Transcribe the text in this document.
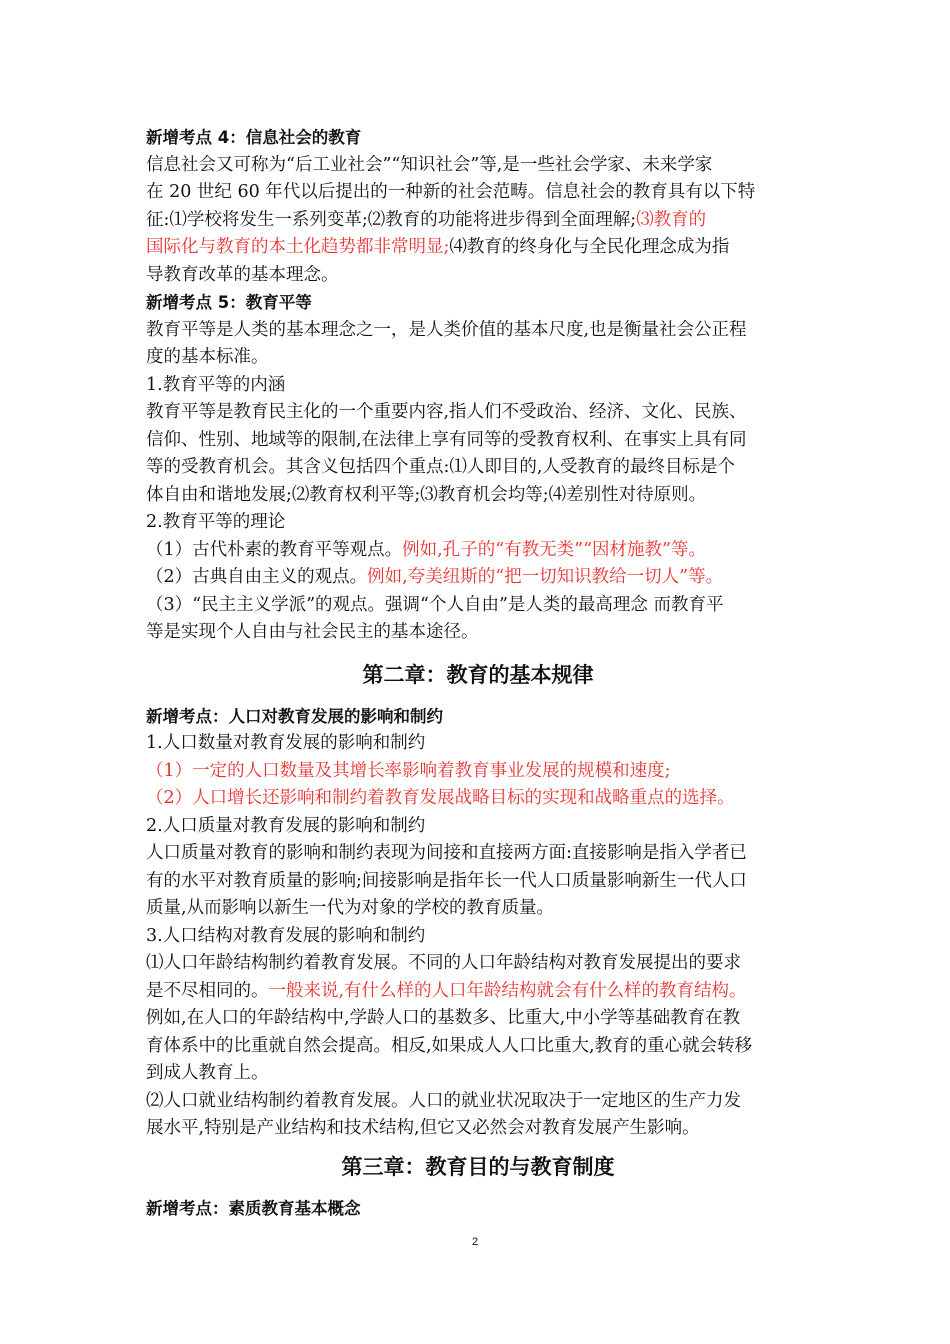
新增考点 4：信息社会的教育
信息社会又可称为“后工业社会”“知识社会”等,是一些社会学家、未来学家
在 20 世纪 60 年代以后提出的一种新的社会范畴。信息社会的教育具有以下特
征:⑴学校将发生一系列变革;⑵教育的功能将进步得到全面理解;⑶教育的
国际化与教育的本土化趋势都非常明显;⑷教育的终身化与全民化理念成为指
导教育改革的基本理念。
新增考点 5：教育平等
教育平等是人类的基本理念之一，是人类价值的基本尺度,也是衡量社会公正程
度的基本标准。
1.教育平等的内涵
教育平等是教育民主化的一个重要内容,指人们不受政治、经济、文化、民族、
信仰、性别、地域等的限制,在法律上享有同等的受教育权利、在事实上具有同
等的受教育机会。其含义包括四个重点:⑴人即目的,人受教育的最终目标是个
体自由和谐地发展;⑵教育权利平等;⑶教育机会均等;⑷差别性对待原则。
2.教育平等的理论
（1）古代朴素的教育平等观点。例如,孔子的“有教无类”“因材施教”等。
（2）古典自由主义的观点。例如,夸美纽斯的“把一切知识教给一切人”等。
（3）“民主主义学派”的观点。强调“个人自由”是人类的最高理念 而教育平
等是实现个人自由与社会民主的基本途径。
第二章：教育的基本规律
新增考点：人口对教育发展的影响和制约
1.人口数量对教育发展的影响和制约
（1）一定的人口数量及其增长率影响着教育事业发展的规模和速度;
（2）人口增长还影响和制约着教育发展战略目标的实现和战略重点的选择。
2.人口质量对教育发展的影响和制约
人口质量对教育的影响和制约表现为间接和直接两方面:直接影响是指入学者已
有的水平对教育质量的影响;间接影响是指年长一代人口质量影响新生一代人口
质量,从而影响以新生一代为对象的学校的教育质量。
3.人口结构对教育发展的影响和制约
⑴人口年龄结构制约着教育发展。不同的人口年龄结构对教育发展提出的要求
是不尽相同的。一般来说,有什么样的人口年龄结构就会有什么样的教育结构。
例如,在人口的年龄结构中,学龄人口的基数多、比重大,中小学等基础教育在教
育体系中的比重就自然会提高。相反,如果成人人口比重大,教育的重心就会转移
到成人教育上。
⑵人口就业结构制约着教育发展。人口的就业状况取决于一定地区的生产力发
展水平,特别是产业结构和技术结构,但它又必然会对教育发展产生影响。
第三章：教育目的与教育制度
新增考点：素质教育基本概念
2
